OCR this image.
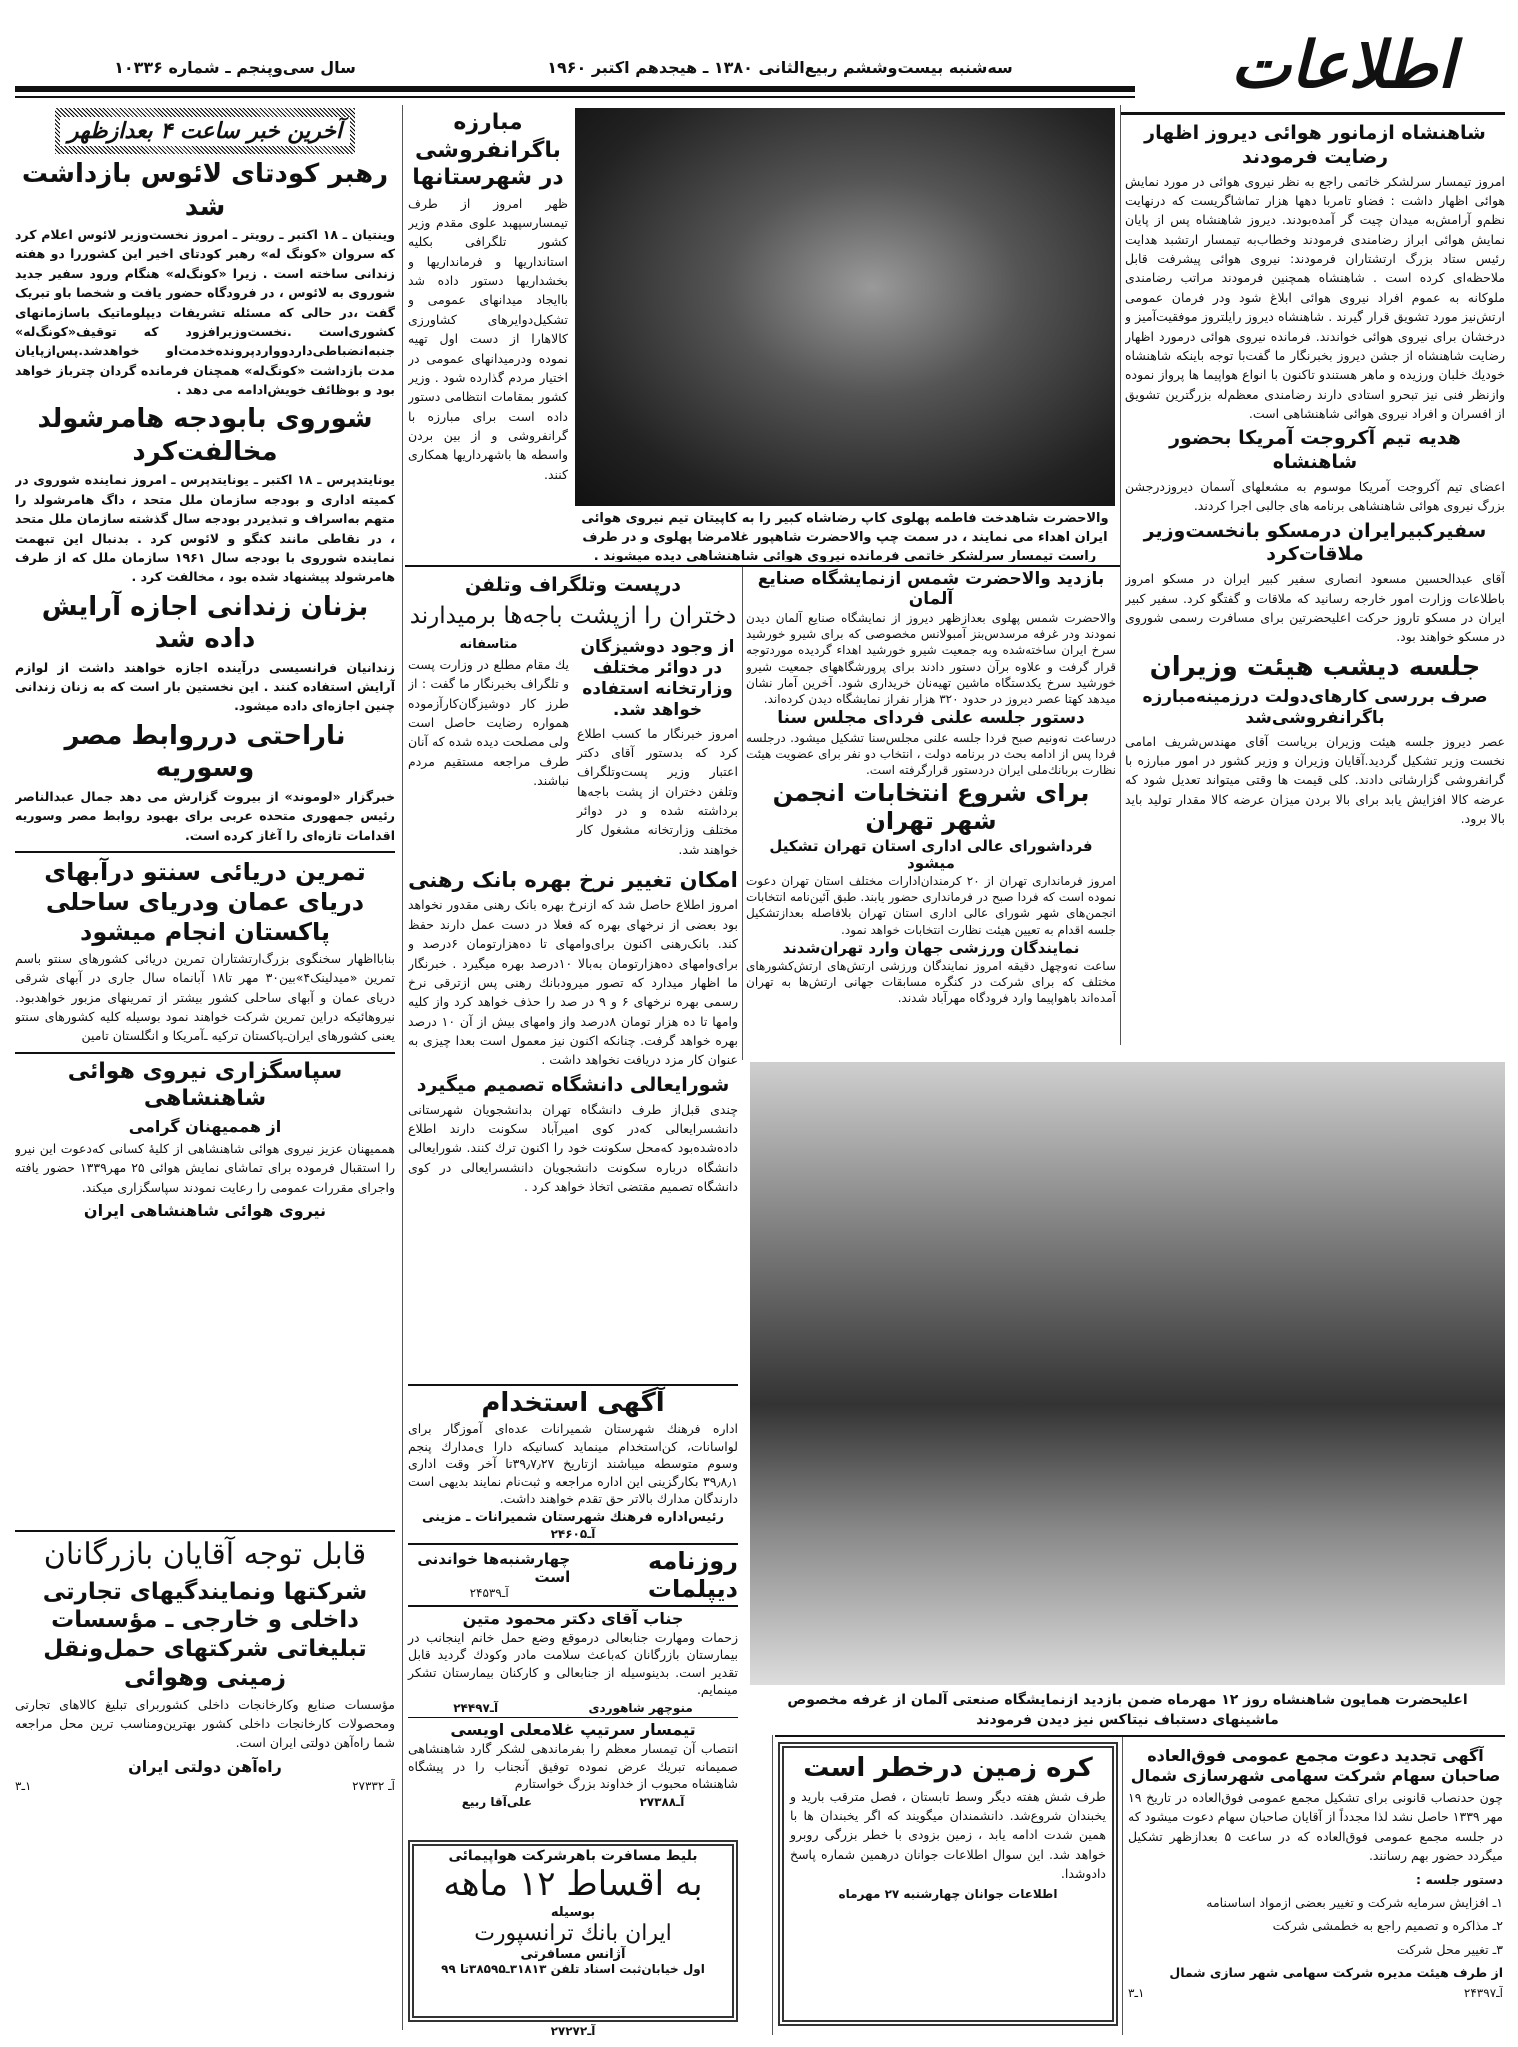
اطلاعات
سه‌شنبه بیست‌وششم ربیع‌الثانی ۱۳۸۰ ـ هیجدهم اکتبر ۱۹۶۰
سال سی‌وپنجم ـ شماره ۱۰۳۳۶
آخرین خبر ساعت ۴ بعدازظهر
رهبر کودتای لائوس بازداشت شد

وینتیان ـ ۱۸ اکتبر ـ رویتر ـ امروز نخست‌وزیر لائوس اعلام کرد که سروان «کونگ له» رهبر کودتای اخیر این کشوررا دو هفته زندانی ساخته است . زیرا «کونگ‌له» هنگام ورود سفیر جدید شوروی به لائوس ، در فرودگاه حضور یافت و شخصا باو تبریک گفت ،در حالی که مسئله تشریفات دیپلوماتیک باسازمانهای کشوری‌است .نخست‌وزیرافزود که توقیف«کونگ‌له» جنبه‌انضباطی‌داردوواردپرونده‌خدمت‌او خواهدشد.پس‌ازپایان مدت بازداشت «کونگ‌له» همچنان فرمانده گردان چترباز خواهد بود و بوظائف خویش‌ادامه می دهد .

شوروی بابودجه هامرشولد مخالفت‌کرد

یونایتدپرس ـ ۱۸ اکتبر ـ یونایتدپرس ـ امروز نماینده شوروی در کمیته اداری و بودجه سازمان ملل متحد ، داگ هامرشولد را متهم به‌اسراف و تبذیردر بودجه سال گذشته سازمان ملل متحد ، در نقاطی مانند کنگو و لائوس کرد . بدنبال این تبهمت نماینده شوروی با بودجه سال ۱۹۶۱ سازمان ملل که از طرف هامرشولد پیشنهاد شده بود ، مخالفت کرد .

بزنان زندانی اجازه آرایش داده شد

زندانیان فرانسیسی درآینده اجازه خواهند داشت از لوازم آرایش استفاده کنند . این نخستین بار است که به زنان زندانی چنین اجازه‌ای داده میشود.

ناراحتی درروابط مصر وسوریه

خبرگزار «لوموند» از بیروت گزارش می دهد جمال عبدالناصر رئیس جمهوری متحده عربی برای بهبود روابط مصر وسوریه اقدامات تازه‌ای را آغاز کرده است.

تمرین دریائی سنتو درآبهای دریای عمان ودریای ساحلی پاکستان انجام میشود

بنابااظهار سخنگوی بزرگ‌ارتشتاران تمرین دریائی کشورهای سنتو باسم تمرین «میدلینک۴»بین۳۰ مهر تا۱۸ آبانماه سال جاری در آبهای شرقی دریای عمان و آبهای ساحلی کشور بیشتر از تمرینهای مزبور خواهدبود. نیروهائیکه دراین تمرین شرکت خواهند نمود بوسیله کلیه کشورهای سنتو یعنی کشورهای ایران‌ـ‌پاکستان ترکیه ـ‌آمریکا و انگلستان تامین

سپاسگزاری نیروی هوائی شاهنشاهی
از هممیهنان گرامی

هممیهنان عزیز نیروی هوائی شاهنشاهی از کلیهٔ کسانی که‌دعوت این نیرو را استقبال فرموده برای تماشای نمایش هوائی ۲۵ مهر۱۳۳۹ حضور یافته واجرای مقررات عمومی را رعایت نمودند سپاسگزاری میکند.

نیروی هوائی شاهنشاهی ایران
قابل توجه آقایان بازرگانان
شرکتها ونمایندگیهای تجارتی داخلی و خارجی ـ مؤسسات تبلیغاتی شرکتهای حمل‌ونقل زمینی وهوائی

مؤسسات صنایع وکارخانجات داخلی کشوربرای تبلیغ کالاهای تجارتی ومحصولات کارخانجات داخلی کشور بهترین‌ومناسب ترین محل مراجعه شما راه‌آهن دولتی ایران است.

راه‌آهن دولتی ایران
آ‌ـ ۲۷۳۳۲
۱‌ـ۳
مبارزه باگرانفروشی در شهرستانها

ظهر امروز از طرف تیمسارسپهبد علوی مقدم وزیر کشور تلگرافی بکلیه استانداریها و فرمانداریها و بخشداریها دستور داده شد باایجاد میدانهای عمومی و تشکیل‌دوایرهای کشاورزی کالاهارا از دست اول تهیه نموده ودرمیدانهای عمومی در اختیار مردم گذارده شود . وزیر کشور بمقامات انتظامی دستور داده است برای مبارزه با گرانفروشی و از بین بردن واسطه ها باشهرداریها همکاری کنند.

والاحضرت شاهدخت فاطمه پهلوی کاپ رضاشاه کبیر را به کاپیتان تیم نیروی هوائی ایران اهداء می نمایند ، در سمت چپ والاحضرت شاهپور غلامرضا پهلوی و در طرف راست تیمسار سرلشکر خاتمی فرمانده نیروی هوائی شاهنشاهی دیده میشوند .
شاهنشاه ازمانور هوائی دیروز اظهار رضایت فرمودند

امروز تیمسار سرلشکر خاتمی راجع به نظر نیروی هوائی در مورد نمایش هوائی اظهار داشت : فضاو تامربا دهها هزار تماشاگریست که درنهایت نظم‌و آرامش‌به میدان چیت گر آمده‌بودند. دیروز شاهنشاه پس از پایان نمایش هوائی ابراز رضامندی فرمودند وخطاب‌به تیمسار ارتشبد هدایت رئیس ستاد بزرگ ارتشتاران فرمودند: نیروی هوائی پیشرفت قابل ملاحظه‌ای کرده است . شاهنشاه همچنین فرمودند مراتب رضامندی ملوکانه به عموم افراد نیروی هوائی ابلاغ شود ودر فرمان عمومی ارتش‌نیز مورد تشویق قرار گیرند . شاهنشاه دیروز رایلتروز موفقیت‌آمیز و درخشان برای نیروی هوائی خواندند. فرمانده نیروی هوائی درمورد اظهار رضایت شاهنشاه از جشن دیروز بخبرنگار ما گفت‌با توجه باینکه شاهنشاه خودیك خلبان ورزیده و ماهر هستندو تاکنون با انواع هواپیما ها پرواز نموده وازنظر فنی نیز تبحرو استادی دارند رضامندی معظم‌له بزرگترین تشویق از افسران و افراد نیروی هوائی شاهنشاهی است.

هدیه تیم آکروجت آمریکا بحضور شاهنشاه

اعضای تیم آکروجت آمریکا موسوم به مشعلهای آسمان دیروزدرجشن بزرگ نیروی هوائی شاهنشاهی برنامه های جالبی اجرا کردند.

سفیرکبیرایران درمسکو بانخست‌وزیر ملاقات‌کرد

آقای عبدالحسین مسعود انصاری سفیر کبیر ایران در مسکو امروز باطلاعات وزارت امور خارجه رسانید که ملاقات و گفتگو کرد. سفیر کبیر ایران در مسکو تاروز حرکت اعلیحضرتین برای مسافرت رسمی شوروی در مسکو خواهند بود.

جلسه دیشب هیئت وزیران
صرف بررسی کارهای‌دولت درزمینه‌مبارزه باگرانفروشی‌شد

عصر دیروز جلسه هیئت وزیران بریاست آقای مهندس‌شریف امامی نخست وزیر تشکیل گردید.آقایان وزیران و وزیر کشور در امور مبارزه با گرانفروشی گزارشاتی دادند. کلی قیمت ها وقتی میتواند تعدیل شود که عرضه کالا افزایش یابد برای بالا بردن میزان عرضه کالا مقدار تولید باید بالا برود.

درپست وتلگراف وتلفن
دختران را ازپشت باجه‌ها برمیدارند
از وجود دوشیزگان در دوائر مختلف وزارتخانه استفاده خواهد شد.

امروز خبرنگار ما کسب اطلاع کرد که بدستور آقای دکتر اعتبار وزیر پست‌وتلگراف وتلفن دختران از پشت باجه‌ها برداشته شده و در دوائر مختلف وزارتخانه مشغول کار خواهند شد.

متاسفانه

یك مقام مطلع در وزارت پست و تلگراف بخبرنگار ما گفت : از طرز کار دوشیزگان‌کارآزموده همواره رضایت حاصل است ولی مصلحت دیده شده که آنان طرف مراجعه مستقیم مردم نباشند.

امکان تغییر نرخ بهره بانک رهنی

امروز اطلاع حاصل شد که ازنرخ بهره بانک رهنی مقدور نخواهد بود بعضی از نرخهای بهره که فعلا در دست عمل دارند حفظ کند. بانک‌رهنی اکنون برای‌وامهای تا ده‌هزارتومان ۶درصد و برای‌وامهای‌ ده‌هزارتومان به‌بالا ۱۰درصد بهره میگیرد . خبرنگار ما اظهار میدارد که تصور میرودبانك رهنی پس ازترقی نرخ رسمی بهره نرخهای ۶ و ۹ در صد را حذف خواهد کرد واز کلیه وامها تا ده هزار تومان ۸درصد واز وامهای بیش از آن ۱۰ درصد بهره خواهد گرفت. چنانکه اکنون نیز معمول است بعدا چیزی به عنوان کار مزد دریافت نخواهد داشت .

شورایعالی دانشگاه تصمیم میگیرد

چندی قبل‌از طرف دانشگاه تهران بدانشجویان شهرستانی دانشسرایعالی که‌در کوی امیرآباد سکونت دارند اطلاع داده‌شده‌بود که‌محل سکونت خود را اکنون ترك کنند. شورایعالی دانشگاه درباره سکونت دانشجویان دانشسرایعالی در کوی دانشگاه تصمیم مقتضی اتخاذ خواهد کرد .

آگهی استخدام

اداره فرهنك شهرستان شمیرانات عده‌ای آموزگار برای لواسانات، کن‌استخدام مینماید کسانیکه دارا ی‌مدارك پنجم وسوم متوسطه میباشند ازتاریخ ۳۹٫۷٫۲۷تا آخر وقت اداری ۳۹٫۸٫۱ بکارگزینی این اداره مراجعه و ثبت‌نام نمایند بدیهی است دارندگان مدارك بالاتر حق تقدم خواهند داشت.

رئیس‌اداره فرهنك شهرستان شمیرانات ـ مزینی
آ‌ـ۲۴۶۰۵
روزنامه دیپلمات
چهارشنبه‌ها خواندنی است
آ‌ـ۲۴۵۳۹
جناب آقای دکتر محمود متین

زحمات ومهارت جنابعالی درموقع وضع حمل خانم اینجانب در بیمارستان بازرگانان که‌باعث سلامت مادر وکودك گردید قابل تقدیر است. بدینوسیله از جنابعالی و کارکنان بیمارستان تشکر مینمایم.

منوچهر شاهوردی
آ‌ـ۲۴۴۹۷
تیمسار سرتیپ غلامعلی اویسی

انتصاب آن تیمسار معظم را بفرماندهی لشکر گارد شاهنشاهی صمیمانه تبریك عرض نموده توفیق آنجناب را در پیشگاه شاهنشاه محبوب از خداوند بزرگ خواستارم

آ‌ـ۲۷۳۸۸
علی‌آقا ربیع
بلیط مسافرت باهرشرکت هواپیمائی
به اقساط ۱۲ ماهه
بوسیله
ایران بانك ترانسپورت
آژانس مسافرتی
اول خیابان‌ثبت اسناد تلفن ۳۱۸۱۳‌ـ۳۸۵۹۵تا ۹۹
آ‌ـ۲۷۲۷۲
بازدید والاحضرت شمس ازنمایشگاه صنایع آلمان

والاحضرت شمس پهلوی بعدازظهر دیروز از نمایشگاه صنایع آلمان دیدن نمودند ودر غرفه مرسدس‌بنز آمبولانس مخصوصی که برای شیرو خورشید سرخ ایران ساخته‌شده وبه جمعیت شیرو خورشید اهداء گردیده موردتوجه قرار گرفت و علاوه برآن دستور دادند برای پرورشگاههای جمعیت شیرو خورشید سرخ یکدستگاه ماشین تهیه‌نان خریداری شود. آخرین آمار نشان میدهد کهتا عصر دیروز در حدود ۳۲۰ هزار نفراز نمایشگاه دیدن کرده‌اند.

دستور جلسه علنی فردای مجلس سنا

درساعت نه‌ونیم صبح فردا جلسه علنی مجلس‌سنا تشکیل میشود. درجلسه فردا پس از ادامه بحث در برنامه دولت ، انتخاب دو نفر برای عضویت هیئت نظارت بربانك‌ملی ایران دردستور قرارگرفته است.

برای شروع انتخابات انجمن شهر تهران
فرداشورای عالی اداری استان تهران تشکیل میشود

امروز فرمانداری تهران از ۲۰ کرمندان‌ادارات مختلف استان تهران دعوت نموده است که فردا صبح در فرمانداری حضور یابند. طبق آئین‌نامه انتخابات انجمن‌های شهر شورای عالی اداری استان تهران بلافاصله بعدازتشکیل جلسه اقدام به تعیین هیئت نظارت انتخابات خواهد نمود.

نمایندگان ورزشی جهان وارد تهران‌شدند

ساعت نه‌وچهل دقیقه امروز نمایندگان ورزشی ارتش‌های ارتش‌کشورهای مختلف که برای شرکت در کنگره مسابقات جهانی ارتش‌ها به تهران آمده‌اند باهواپیما وارد فرودگاه مهرآباد شدند.

اعلیحضرت همایون شاهنشاه روز ۱۲ مهرماه ضمن بازدید ازنمایشگاه صنعتی آلمان از غرفه مخصوص ماشینهای دستباف نیتاکس نیز دیدن فرمودند
کره زمین درخطر است

طرف شش هفته دیگر وسط تابستان ، فصل مترقب بارید و یخبندان شروع‌شد. دانشمندان میگویند که اگر یخبندان ها با همین شدت ادامه یابد ، زمین بزودی با خطر بزرگی روبرو خواهد شد. این سوال اطلاعات جوانان درهمین شماره پاسخ دادوشدا.

اطلاعات جوانان چهارشنبه ۲۷ مهرماه
آگهی تجدید دعوت مجمع عمومی فوق‌العاده صاحبان سهام شرکت سهامی شهرسازی شمال

چون حدنصاب قانونی برای تشکیل مجمع عمومی فوق‌العاده در تاریخ ۱۹ مهر ۱۳۳۹ حاصل نشد لذا مجدداً از آقایان صاحبان سهام دعوت میشود که در جلسه مجمع عمومی فوق‌العاده که در ساعت ۵ بعدازظهر تشکیل میگردد حضور بهم رسانند.

دستور جلسه :
۱‌ـ افزایش سرمایه شرکت و تغییر بعضی ازمواد اساسنامه
۲‌ـ مذاکره و تصمیم راجع به خطمشی شرکت
۳‌ـ تغییر محل شرکت
از طرف هیئت مدیره شرکت سهامی شهر سازی شمال
آ‌ـ۲۴۳۹۷
۱‌ـ۳
